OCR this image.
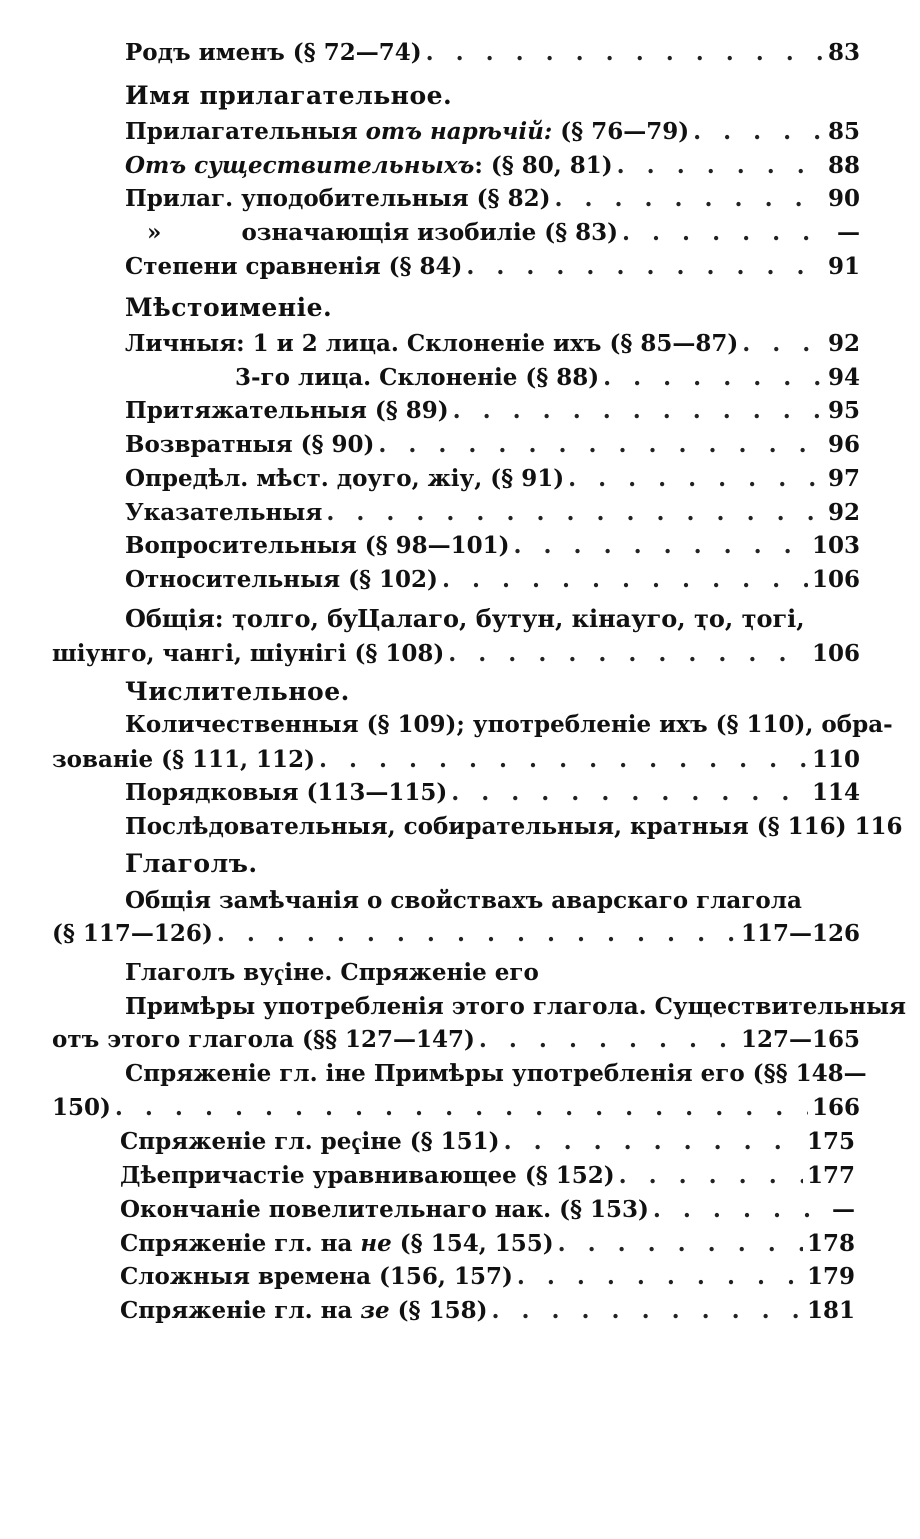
Родъ именъ (§ 72—74) . . .	83
Имя прилагательное.
Прилагательныя отъ нарѣчій: (§ 76—79) . . .	85
Отъ существительныхъ: (§ 80, 81) . . .	88
Прилаг. уподобительныя (§ 82) . . .	90
»          означающія изобиліе (§ 83) . . .	—
Степени сравненія (§ 84) . . .	91
Мѣстоименіе.
Личныя: 1 и 2 лица. Склоненіе ихъ (§ 85—87) . . .	92
3-го лица. Склоненіе (§ 88) . . .	94
Притяжательныя (§ 89) . . .	95
Возвратныя (§ 90) . . .	96
Опредѣл. мѣст. доуго, жіу, (§ 91) . . .	97
Указательныя . . .	92
Вопросительныя (§ 98—101) . . .	103
Относительныя (§ 102) . . .	106
Общія: ҭолго, бyЦалаго, бутун, кінауго, ҭо, ҭогі,
шіунго, чангі, шіунігі (§ 108) . . .	106
Числительное.
Количественныя (§ 109); употребленіе ихъ (§ 110), обра-
зованіе (§ 111, 112) . . .	110
Порядковыя (113—115) . . .	114
Послѣдовательныя, собирательныя, кратныя (§ 116) 116
Глаголъ.
Общія замѣчанія о свойствахъ аварскаго глагола
(§ 117—126) . . .	117—126
Глаголъ вуҁіне. Спряженіе его
Примѣры употребленія этого глагола. Существительныя
отъ этого глагола (§§ 127—147) . . .	127—165
Спряженіе гл. іне Примѣры употребленія его (§§ 148—
150) . . .	166
Спряженіе гл. реҁіне (§ 151) . . .	175
Дѣепричастіе уравнивающее (§ 152) . . .	177
Окончаніе повелительнаго нак. (§ 153) . . .	—
Спряженіе гл. на не (§ 154, 155) . . .	178
Сложныя времена (156, 157) . . .	179
Спряженіе гл. на зе (§ 158) . . .	181
